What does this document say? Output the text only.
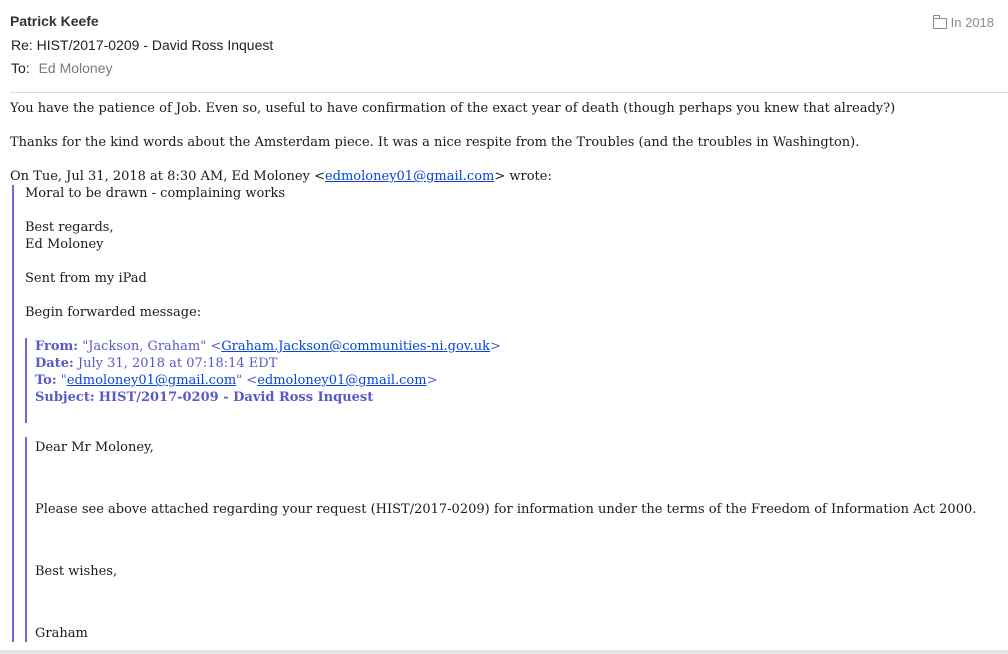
Patrick Keefe
Re: HIST/2017-0209 - David Ross Inquest
To: Ed Moloney
In 2018

You have the patience of Job. Even so, useful to have confirmation of the exact year of death (though perhaps you knew that already?)

Thanks for the kind words about the Amsterdam piece. It was a nice respite from the Troubles (and the troubles in Washington).

On Tue, Jul 31, 2018 at 8:30 AM, Ed Moloney <edmoloney01@gmail.com> wrote:

Moral to be drawn - complaining works

Best regards,

Ed Moloney

Sent from my iPad

Begin forwarded message:

From: "Jackson, Graham" <Graham.Jackson@communities-ni.gov.uk>

Date: July 31, 2018 at 07:18:14 EDT

To: "edmoloney01@gmail.com" <edmoloney01@gmail.com>

Subject: HIST/2017-0209 - David Ross Inquest

Dear Mr Moloney,

Please see above attached regarding your request (HIST/2017-0209) for information under the terms of the Freedom of Information Act 2000.

Best wishes,

Graham
